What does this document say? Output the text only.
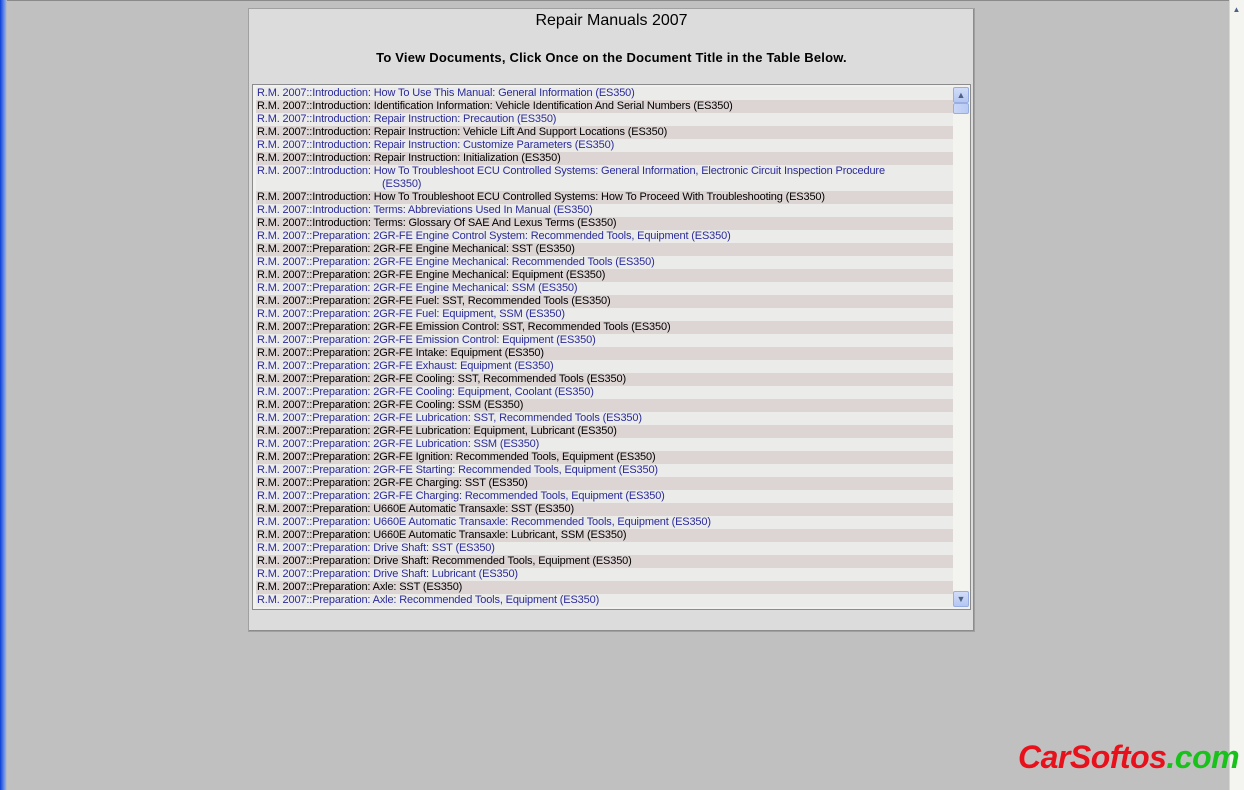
▲
Repair Manuals 2007
To View Documents, Click Once on the Document Title in the Table Below.
R.M. 2007::Introduction: How To Use This Manual: General Information (ES350)
R.M. 2007::Introduction: Identification Information: Vehicle Identification And Serial Numbers (ES350)
R.M. 2007::Introduction: Repair Instruction: Precaution (ES350)
R.M. 2007::Introduction: Repair Instruction: Vehicle Lift And Support Locations (ES350)
R.M. 2007::Introduction: Repair Instruction: Customize Parameters (ES350)
R.M. 2007::Introduction: Repair Instruction: Initialization (ES350)
R.M. 2007::Introduction: How To Troubleshoot ECU Controlled Systems: General Information, Electronic Circuit Inspection Procedure
(ES350)
R.M. 2007::Introduction: How To Troubleshoot ECU Controlled Systems: How To Proceed With Troubleshooting (ES350)
R.M. 2007::Introduction: Terms: Abbreviations Used In Manual (ES350)
R.M. 2007::Introduction: Terms: Glossary Of SAE And Lexus Terms (ES350)
R.M. 2007::Preparation: 2GR-FE Engine Control System: Recommended Tools, Equipment (ES350)
R.M. 2007::Preparation: 2GR-FE Engine Mechanical: SST (ES350)
R.M. 2007::Preparation: 2GR-FE Engine Mechanical: Recommended Tools (ES350)
R.M. 2007::Preparation: 2GR-FE Engine Mechanical: Equipment (ES350)
R.M. 2007::Preparation: 2GR-FE Engine Mechanical: SSM (ES350)
R.M. 2007::Preparation: 2GR-FE Fuel: SST, Recommended Tools (ES350)
R.M. 2007::Preparation: 2GR-FE Fuel: Equipment, SSM (ES350)
R.M. 2007::Preparation: 2GR-FE Emission Control: SST, Recommended Tools (ES350)
R.M. 2007::Preparation: 2GR-FE Emission Control: Equipment (ES350)
R.M. 2007::Preparation: 2GR-FE Intake: Equipment (ES350)
R.M. 2007::Preparation: 2GR-FE Exhaust: Equipment (ES350)
R.M. 2007::Preparation: 2GR-FE Cooling: SST, Recommended Tools (ES350)
R.M. 2007::Preparation: 2GR-FE Cooling: Equipment, Coolant (ES350)
R.M. 2007::Preparation: 2GR-FE Cooling: SSM (ES350)
R.M. 2007::Preparation: 2GR-FE Lubrication: SST, Recommended Tools (ES350)
R.M. 2007::Preparation: 2GR-FE Lubrication: Equipment, Lubricant (ES350)
R.M. 2007::Preparation: 2GR-FE Lubrication: SSM (ES350)
R.M. 2007::Preparation: 2GR-FE Ignition: Recommended Tools, Equipment (ES350)
R.M. 2007::Preparation: 2GR-FE Starting: Recommended Tools, Equipment (ES350)
R.M. 2007::Preparation: 2GR-FE Charging: SST (ES350)
R.M. 2007::Preparation: 2GR-FE Charging: Recommended Tools, Equipment (ES350)
R.M. 2007::Preparation: U660E Automatic Transaxle: SST (ES350)
R.M. 2007::Preparation: U660E Automatic Transaxle: Recommended Tools, Equipment (ES350)
R.M. 2007::Preparation: U660E Automatic Transaxle: Lubricant, SSM (ES350)
R.M. 2007::Preparation: Drive Shaft: SST (ES350)
R.M. 2007::Preparation: Drive Shaft: Recommended Tools, Equipment (ES350)
R.M. 2007::Preparation: Drive Shaft: Lubricant (ES350)
R.M. 2007::Preparation: Axle: SST (ES350)
R.M. 2007::Preparation: Axle: Recommended Tools, Equipment (ES350)
▲
▼
CarSoftos.com
